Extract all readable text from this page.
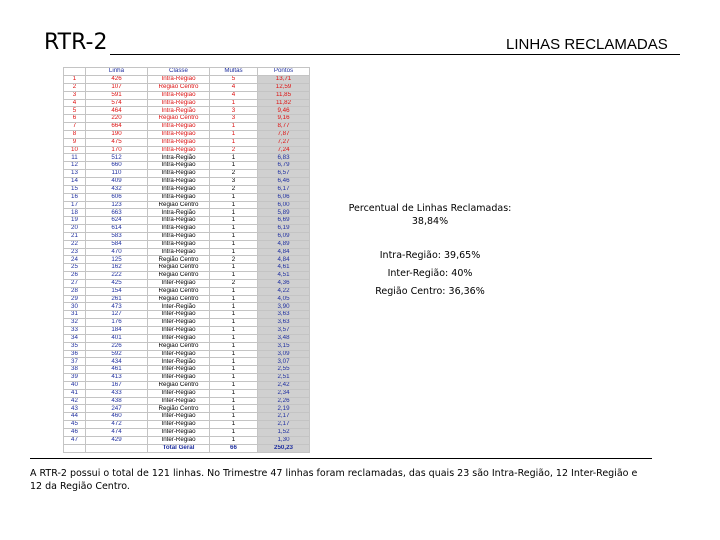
RTR-2	LINHAS RECLAMADAS
	Linha	Classe	Multas	Pontos
1	426	Intra-Região	5	13,71
2	107	Região Centro	4	12,59
3	591	Intra-Região	4	11,85
4	574	Intra-Região	1	11,82
5	464	Intra-Região	3	9,46
6	220	Região Centro	3	9,16
7	664	Intra-Região	1	8,77
8	190	Intra-Região	1	7,87
9	475	Intra-Região	1	7,27
10	170	Intra-Região	2	7,24
11	512	Intra-Região	1	6,83
12	660	Intra-Região	1	6,79
13	110	Intra-Região	2	6,57
14	409	Intra-Região	3	6,46
15	432	Intra-Região	2	6,17
16	606	Intra-Região	1	6,06
17	123	Região Centro	1	6,00
18	663	Intra-Região	1	5,89
19	624	Intra-Região	1	6,69
20	614	Intra-Região	1	6,19
21	583	Intra-Região	1	6,09
22	584	Intra-Região	1	4,89
23	470	Intra-Região	1	4,84
24	125	Região Centro	2	4,84
25	162	Região Centro	1	4,61
26	222	Região Centro	1	4,51
27	425	Inter-Região	2	4,36
28	154	Região Centro	1	4,22
29	261	Região Centro	1	4,05
30	473	Inter-Região	1	3,90
31	127	Inter-Região	1	3,63
32	176	Inter-Região	1	3,63
33	184	Inter-Região	1	3,57
34	401	Inter-Região	1	3,48
35	226	Região Centro	1	3,15
36	592	Inter-Região	1	3,09
37	434	Inter-Região	1	3,07
38	461	Inter-Região	1	2,55
39	413	Inter-Região	1	2,51
40	167	Região Centro	1	2,42
41	433	Inter-Região	1	2,34
42	438	Inter-Região	1	2,26
43	247	Região Centro	1	2,19
44	460	Inter-Região	1	2,17
45	472	Inter-Região	1	2,17
46	474	Inter-Região	1	1,52
47	429	Inter-Região	1	1,30
		Total Geral	66	250,23
Percentual de Linhas Reclamadas:
38,84%
Intra-Região: 39,65%
Inter-Região: 40%
Região Centro: 36,36%
A RTR-2 possui o total de 121 linhas. No Trimestre 47 linhas foram reclamadas, das quais 23 são Intra-Região, 12 Inter-Região e 12 da Região Centro.
